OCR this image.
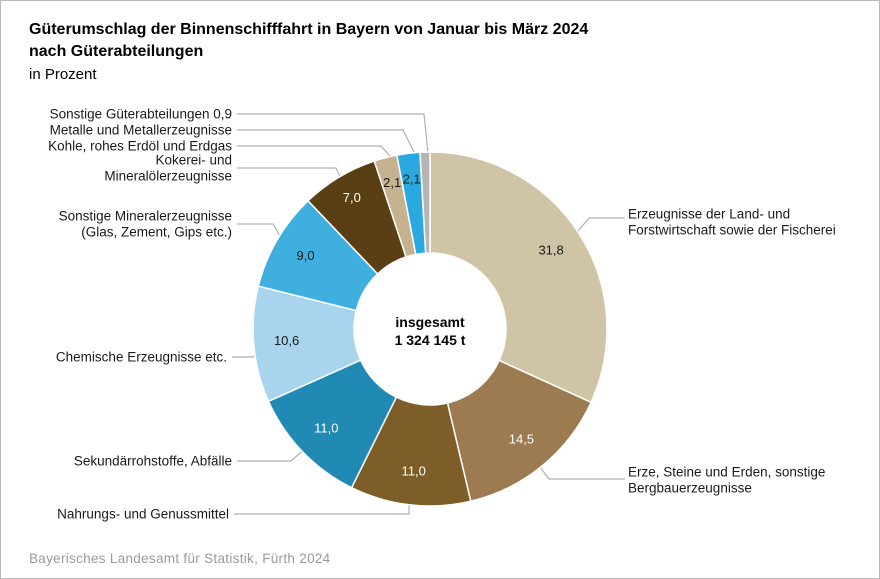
Güterumschlag der Binnenschifffahrt in Bayern von Januar bis März 2024
nach Güterabteilungen
in Prozent
31,8
14,5
11,0
11,0
10,6
9,0
7,0
2,1 2,1
Erzeugnisse der Land- und
Forstwirtschaft sowie der Fischerei
Erze, Steine und Erden, sonstige
Bergbauerzeugnisse
Nahrungs- und Genussmittel
Sekundärrohstoffe, Abfälle
Chemische Erzeugnisse etc.
Sonstige Mineralerzeugnisse
(Glas, Zement, Gips etc.)
Kokerei- und
Mineralölerzeugnisse
Kohle, rohes Erdöl und Erdgas
Metalle und Metallerzeugnisse
Sonstige Güterabteilungen 0,9
insgesamt
1 324 145 t
Bayerisches Landesamt für Statistik, Fürth 2024
